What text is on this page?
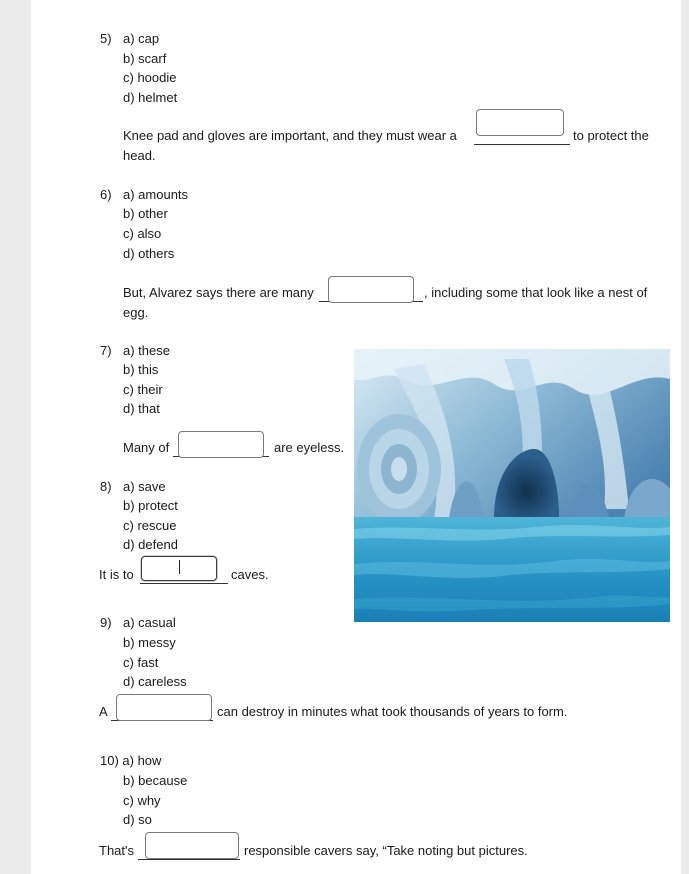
5) a) cap
b) scarf
c) hoodie
d) helmet
Knee pad and gloves are important, and they must wear a	to protect the
head.
6) a) amounts
b) other
c) also
d) others
But, Alvarez says there are many	, including some that look like a nest of
egg.
7) a) these
b) this
c) their
d) that
Many of	are eyeless.
8) a) save
b) protect
c) rescue
d) defend
It is to	caves.
9) a) casual
b) messy
c) fast
d) careless
A	can destroy in minutes what took thousands of years to form.
10) a) how
b) because
c) why
d) so
That's	responsible cavers say, “Take noting but pictures.
